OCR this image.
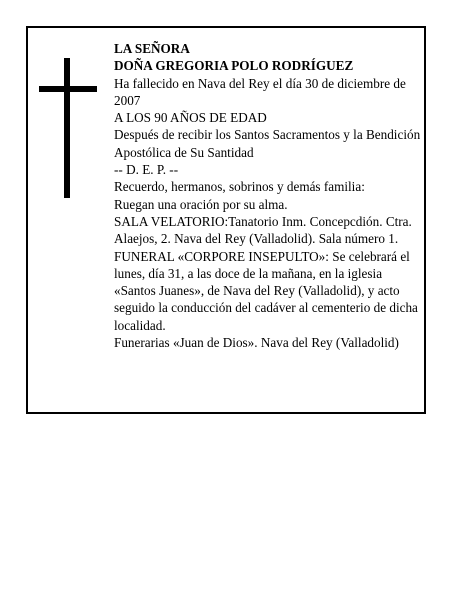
LA SEÑORA

DOÑA GREGORIA POLO RODRÍGUEZ

Ha fallecido en Nava del Rey el día 30 de diciembre de 2007

A LOS 90 AÑOS DE EDAD

Después de recibir los Santos Sacramentos y la Bendición Apostólica de Su Santidad

-- D. E. P. --

Recuerdo, hermanos, sobrinos y demás familia:

Ruegan una oración por su alma.

SALA VELATORIO:Tanatorio Inm. Concepcdión. Ctra. Alaejos, 2. Nava del Rey (Valladolid). Sala número 1.

FUNERAL «CORPORE INSEPULTO»: Se celebrará el lunes, día 31, a las doce de la mañana, en la iglesia «Santos Juanes», de Nava del Rey (Valladolid), y acto seguido la conducción del cadáver al cementerio de dicha localidad.

Funerarias «Juan de Dios». Nava del Rey (Valladolid)
